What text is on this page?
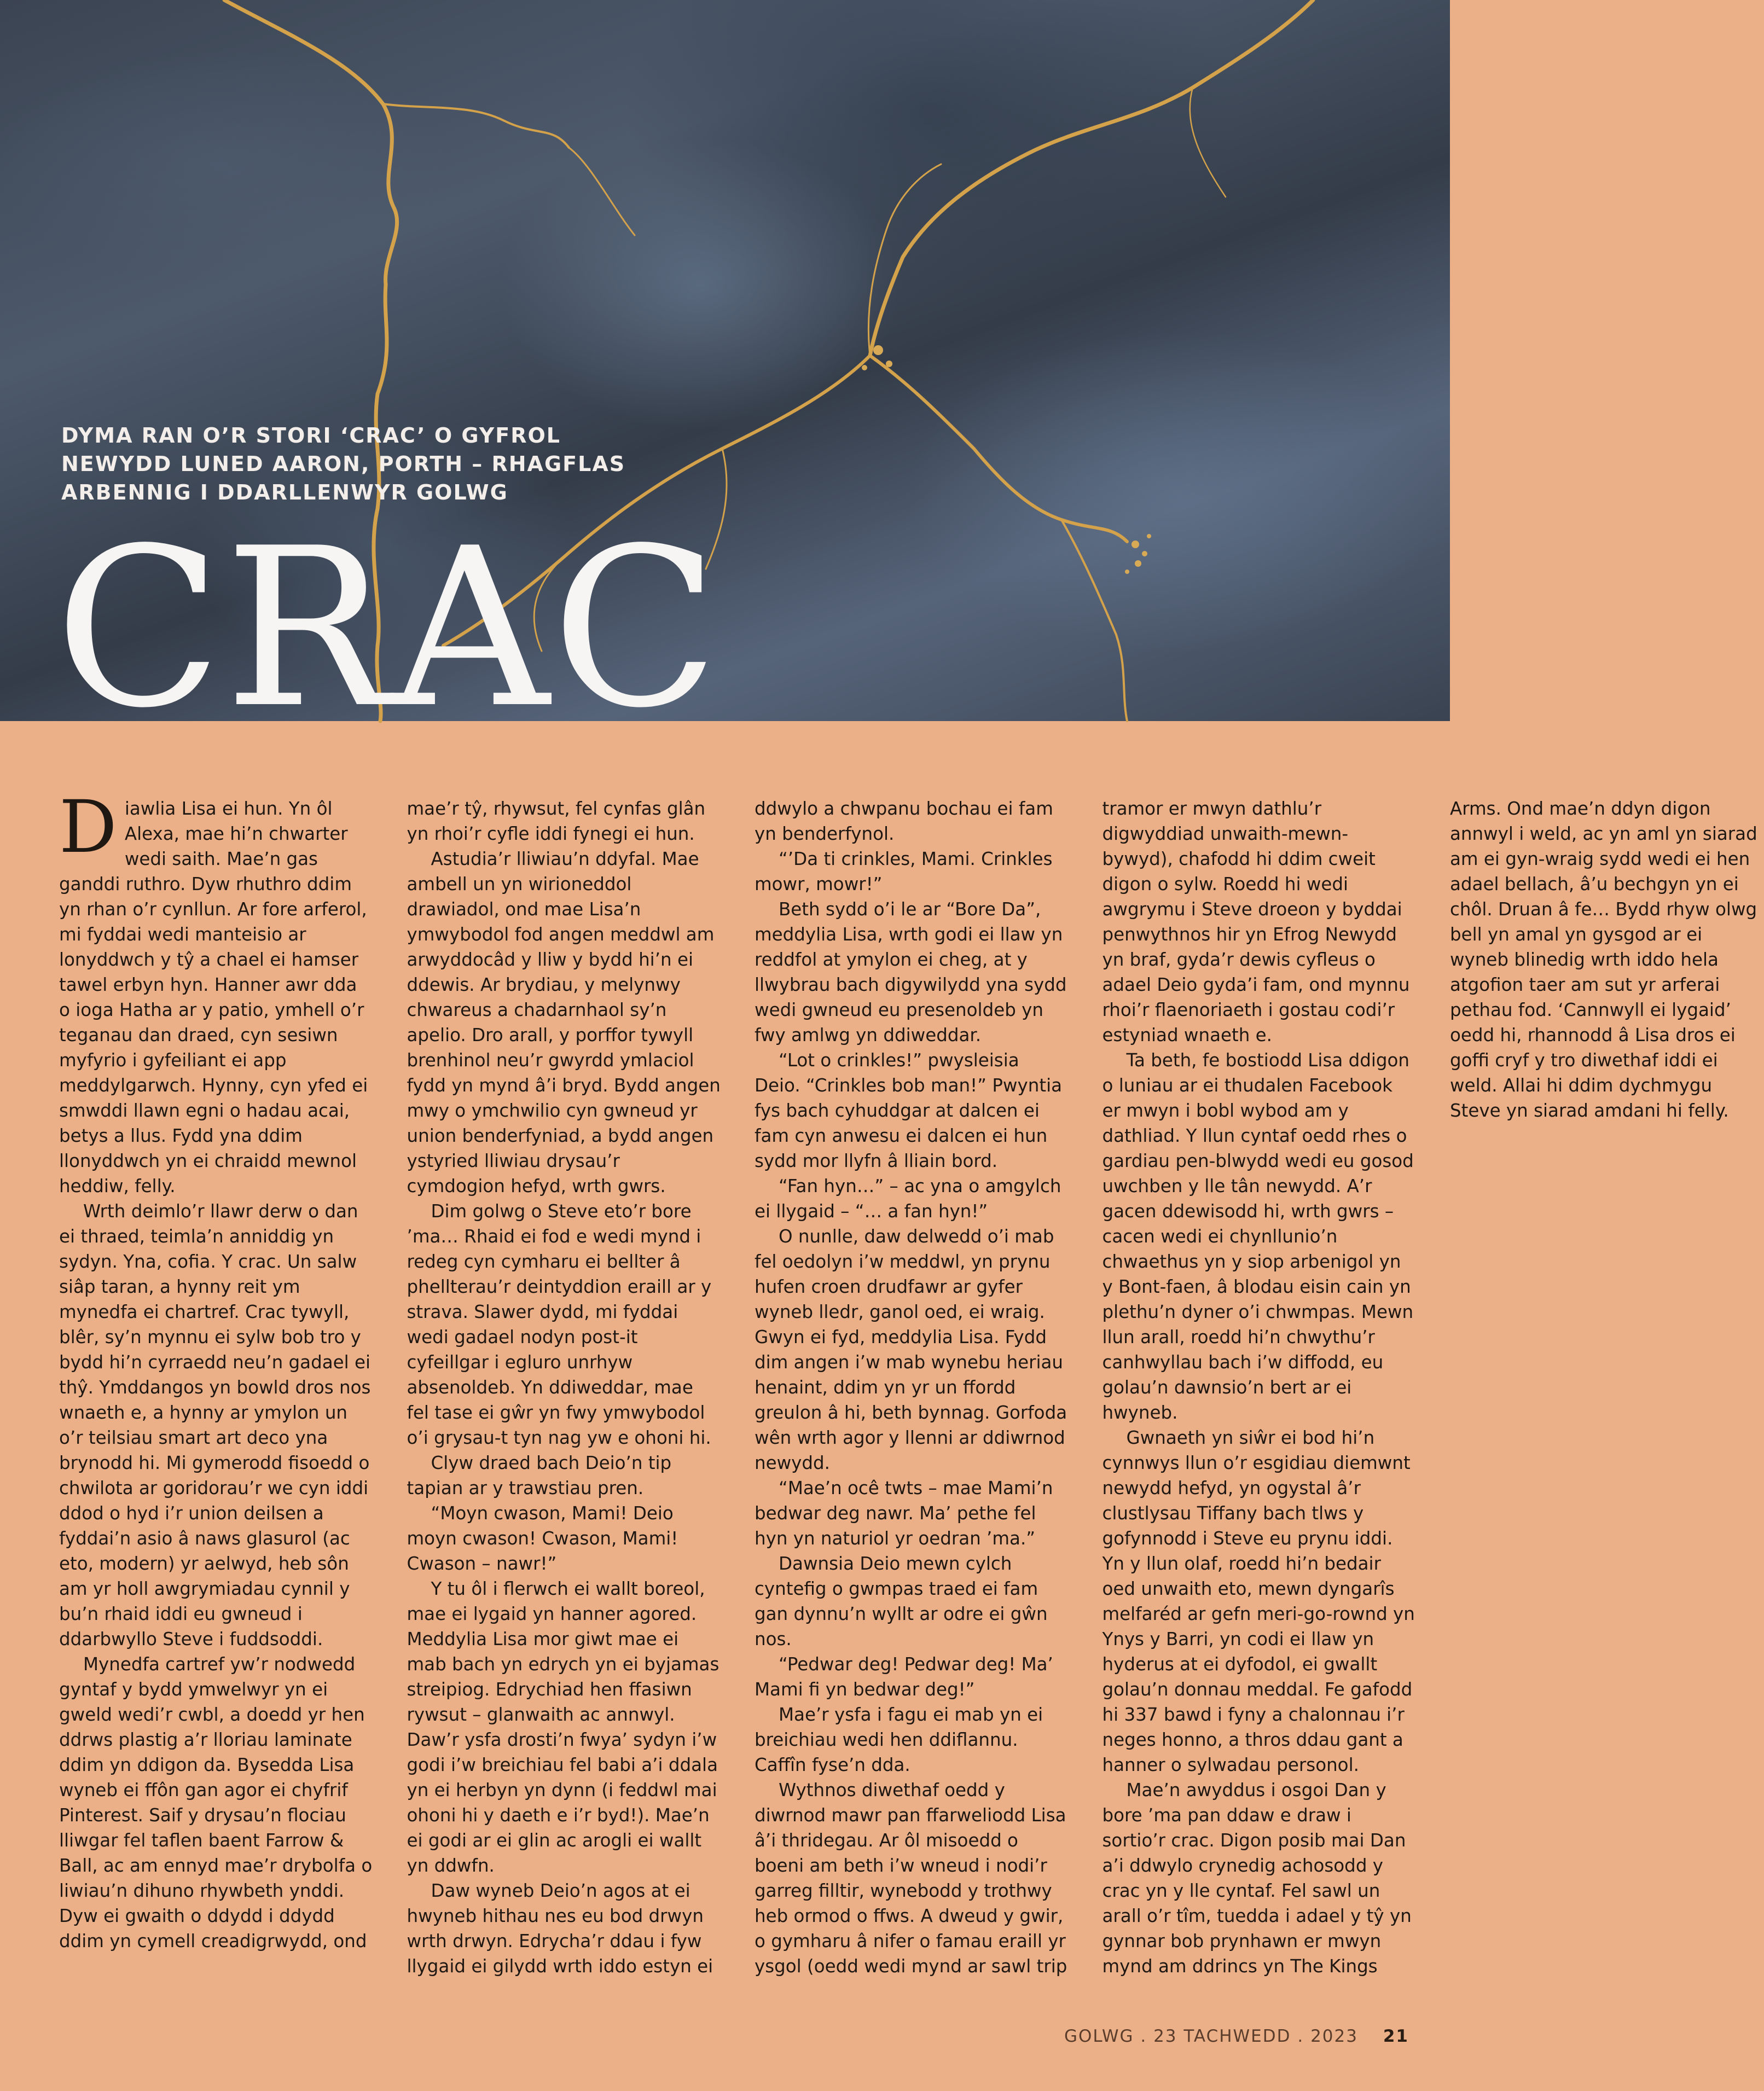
DYMA RAN O’R STORI ‘CRAC’ O GYFROL NEWYDD LUNED AARON, PORTH – RHAGFLAS ARBENNIG I DDARLLENWYR GOLWG
CRAC

Diawlia Lisa ei hun. Yn ôl Alexa, mae hi’n chwarter wedi saith. Mae’n gas ganddi ruthro. Dyw rhuthro ddim yn rhan o’r cynllun. Ar fore arferol, mi fyddai wedi manteisio ar lonyddwch y tŷ a chael ei hamser tawel erbyn hyn. Hanner awr dda o ioga Hatha ar y patio, ymhell o’r teganau dan draed, cyn sesiwn myfyrio i gyfeiliant ei app meddylgarwch. Hynny, cyn yfed ei smwddi llawn egni o hadau acai, betys a llus. Fydd yna ddim llonyddwch yn ei chraidd mewnol heddiw, felly.

Wrth deimlo’r llawr derw o dan ei thraed, teimla’n anniddig yn sydyn. Yna, cofia. Y crac. Un salw siâp taran, a hynny reit ym mynedfa ei chartref. Crac tywyll, blêr, sy’n mynnu ei sylw bob tro y bydd hi’n cyrraedd neu’n gadael ei thŷ. Ymddangos yn bowld dros nos wnaeth e, a hynny ar ymylon un o’r teilsiau smart art deco yna brynodd hi. Mi gymerodd fisoedd o chwilota ar goridorau’r we cyn iddi ddod o hyd i’r union deilsen a fyddai’n asio â naws glasurol (ac eto, modern) yr aelwyd, heb sôn am yr holl awgrymiadau cynnil y bu’n rhaid iddi eu gwneud i ddarbwyllo Steve i fuddsoddi.

Mynedfa cartref yw’r nodwedd gyntaf y bydd ymwelwyr yn ei gweld wedi’r cwbl, a doedd yr hen ddrws plastig a’r lloriau laminate ddim yn ddigon da. Bysedda Lisa wyneb ei ffôn gan agor ei chyfrif Pinterest. Saif y drysau’n flociau lliwgar fel taflen baent Farrow & Ball, ac am ennyd mae’r drybolfa o liwiau’n dihuno rhywbeth ynddi. Dyw ei gwaith o ddydd i ddydd ddim yn cymell creadigrwydd, ond mae’r tŷ, rhywsut, fel cynfas glân yn rhoi’r cyfle iddi fynegi ei hun.

Astudia’r lliwiau’n ddyfal. Mae ambell un yn wirioneddol drawiadol, ond mae Lisa’n ymwybodol fod angen meddwl am arwyddocâd y lliw y bydd hi’n ei ddewis. Ar brydiau, y melynwy chwareus a chadarnhaol sy’n apelio. Dro arall, y porffor tywyll brenhinol neu’r gwyrdd ymlaciol fydd yn mynd â’i bryd. Bydd angen mwy o ymchwilio cyn gwneud yr union benderfyniad, a bydd angen ystyried lliwiau drysau’r cymdogion hefyd, wrth gwrs.

Dim golwg o Steve eto’r bore ’ma… Rhaid ei fod e wedi mynd i redeg cyn cymharu ei bellter â phellterau’r deintyddion eraill ar y strava. Slawer dydd, mi fyddai wedi gadael nodyn post-it cyfeillgar i egluro unrhyw absenoldeb. Yn ddiweddar, mae fel tase ei gŵr yn fwy ymwybodol o’i grysau-t tyn nag yw e ohoni hi.

Clyw draed bach Deio’n tip tapian ar y trawstiau pren.

“Moyn cwason, Mami! Deio moyn cwason! Cwason, Mami! Cwason – nawr!”

Y tu ôl i flerwch ei wallt boreol, mae ei lygaid yn hanner agored. Meddylia Lisa mor giwt mae ei mab bach yn edrych yn ei byjamas streipiog. Edrychiad hen ffasiwn rywsut – glanwaith ac annwyl. Daw’r ysfa drosti’n fwya’ sydyn i’w godi i’w breichiau fel babi a’i ddala yn ei herbyn yn dynn (i feddwl mai ohoni hi y daeth e i’r byd!). Mae’n ei godi ar ei glin ac arogli ei wallt yn ddwfn.

Daw wyneb Deio’n agos at ei hwyneb hithau nes eu bod drwyn wrth drwyn. Edrycha’r ddau i fyw llygaid ei gilydd wrth iddo estyn ei ddwylo a chwpanu bochau ei fam yn benderfynol.

“’Da ti crinkles, Mami. Crinkles mowr, mowr!”

Beth sydd o’i le ar “Bore Da”, meddylia Lisa, wrth godi ei llaw yn reddfol at ymylon ei cheg, at y llwybrau bach digywilydd yna sydd wedi gwneud eu presenoldeb yn fwy amlwg yn ddiweddar.

“Lot o crinkles!” pwysleisia Deio. “Crinkles bob man!” Pwyntia fys bach cyhuddgar at dalcen ei fam cyn anwesu ei dalcen ei hun sydd mor llyfn â lliain bord.

“Fan hyn…” – ac yna o amgylch ei llygaid – “… a fan hyn!”

O nunlle, daw delwedd o’i mab fel oedolyn i’w meddwl, yn prynu hufen croen drudfawr ar gyfer wyneb lledr, ganol oed, ei wraig. Gwyn ei fyd, meddylia Lisa. Fydd dim angen i’w mab wynebu heriau henaint, ddim yn yr un ffordd greulon â hi, beth bynnag. Gorfoda wên wrth agor y llenni ar ddiwrnod newydd.

“Mae’n ocê twts – mae Mami’n bedwar deg nawr. Ma’ pethe fel hyn yn naturiol yr oedran ’ma.”

Dawnsia Deio mewn cylch cyntefig o gwmpas traed ei fam gan dynnu’n wyllt ar odre ei gŵn nos.

“Pedwar deg! Pedwar deg! Ma’ Mami fi yn bedwar deg!”

Mae’r ysfa i fagu ei mab yn ei breichiau wedi hen ddiflannu. Caffîn fyse’n dda.

Wythnos diwethaf oedd y diwrnod mawr pan ffarweliodd Lisa â’i thridegau. Ar ôl misoedd o boeni am beth i’w wneud i nodi’r garreg filltir, wynebodd y trothwy heb ormod o ffws. A dweud y gwir, o gymharu â nifer o famau eraill yr ysgol (oedd wedi mynd ar sawl trip tramor er mwyn dathlu’r digwyddiad unwaith-mewn-bywyd), chafodd hi ddim cweit digon o sylw. Roedd hi wedi awgrymu i Steve droeon y byddai penwythnos hir yn Efrog Newydd yn braf, gyda’r dewis cyfleus o adael Deio gyda’i fam, ond mynnu rhoi’r flaenoriaeth i gostau codi’r estyniad wnaeth e.

Ta beth, fe bostiodd Lisa ddigon o luniau ar ei thudalen Facebook er mwyn i bobl wybod am y dathliad. Y llun cyntaf oedd rhes o gardiau pen-blwydd wedi eu gosod uwchben y lle tân newydd. A’r gacen ddewisodd hi, wrth gwrs – cacen wedi ei chynllunio’n chwaethus yn y siop arbenigol yn y Bont-faen, â blodau eisin cain yn plethu’n dyner o’i chwmpas. Mewn llun arall, roedd hi’n chwythu’r canhwyllau bach i’w diffodd, eu golau’n dawnsio’n bert ar ei hwyneb.

Gwnaeth yn siŵr ei bod hi’n cynnwys llun o’r esgidiau diemwnt newydd hefyd, yn ogystal â’r clustlysau Tiffany bach tlws y gofynnodd i Steve eu prynu iddi. Yn y llun olaf, roedd hi’n bedair oed unwaith eto, mewn dyngarîs melfaréd ar gefn meri-go-rownd yn Ynys y Barri, yn codi ei llaw yn hyderus at ei dyfodol, ei gwallt golau’n donnau meddal. Fe gafodd hi 337 bawd i fyny a chalonnau i’r neges honno, a thros ddau gant a hanner o sylwadau personol.

Mae’n awyddus i osgoi Dan y bore ’ma pan ddaw e draw i sortio’r crac. Digon posib mai Dan a’i ddwylo crynedig achosodd y crac yn y lle cyntaf. Fel sawl un arall o’r tîm, tuedda i adael y tŷ yn gynnar bob prynhawn er mwyn mynd am ddrincs yn The Kings Arms. Ond mae’n ddyn digon annwyl i weld, ac yn aml yn siarad am ei gyn-wraig sydd wedi ei hen adael bellach, â’u bechgyn yn ei chôl. Druan â fe… Bydd rhyw olwg bell yn amal yn gysgod ar ei wyneb blinedig wrth iddo hela atgofion taer am sut yr arferai pethau fod. ‘Cannwyll ei lygaid’ oedd hi, rhannodd â Lisa dros ei goffi cryf y tro diwethaf iddi ei weld. Allai hi ddim dychmygu Steve yn siarad amdani hi felly.

GOLWG . 23 TACHWEDD . 2023 21
